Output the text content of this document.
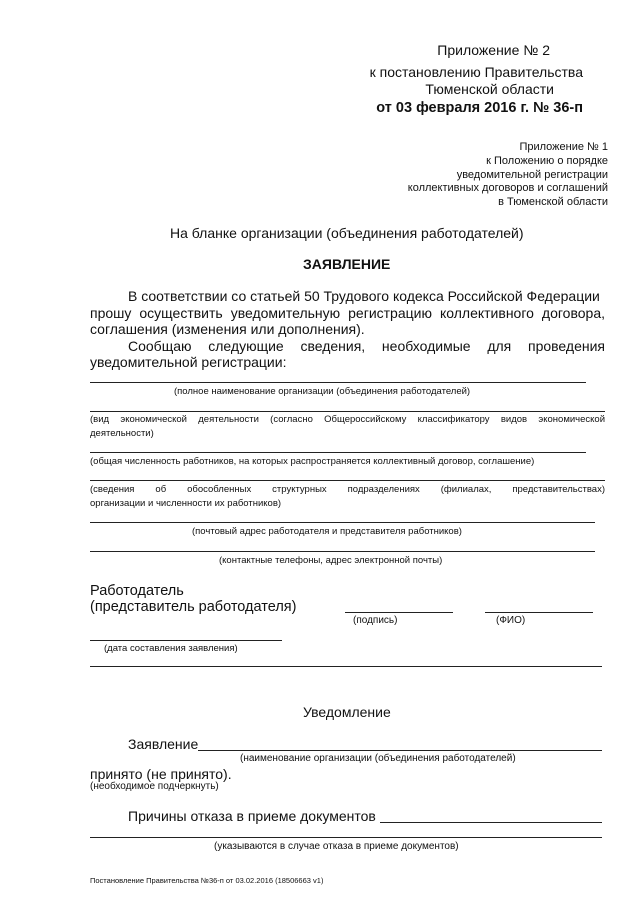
Приложение № 2
к постановлению Правительства
Тюменской области
от 03 февраля 2016 г. № 36-п
Приложение № 1
к Положению о порядке
уведомительной регистрации
коллективных договоров и соглашений
в Тюменской области
На бланке организации (объединения работодателей)
ЗАЯВЛЕНИЕ
В соответствии со статьей 50 Трудового кодекса Российской Федерации
прошу осуществить уведомительную регистрацию коллективного договора,
соглашения (изменения или дополнения).
Сообщаю следующие сведения, необходимые для проведения
уведомительной регистрации:
(полное наименование организации (объединения работодателей)
(вид экономической деятельности (согласно Общероссийскому классификатору видов экономической
деятельности)
(общая численность работников, на которых распространяется коллективный договор, соглашение)
(сведения об обособленных структурных подразделениях (филиалах, представительствах)
организации и численности их работников)
(почтовый адрес работодателя и представителя работников)
(контактные телефоны, адрес электронной почты)
Работодатель
(представитель работодателя)
(подпись)	(ФИО)
(дата составления заявления)
Уведомление
Заявление
(наименование организации (объединения работодателей)
принято (не принято).
(необходимое подчеркнуть)
Причины отказа в приеме документов
(указываются в случае отказа в приеме документов)
Постановление Правительства №36-п от 03.02.2016 (18506663 v1)
